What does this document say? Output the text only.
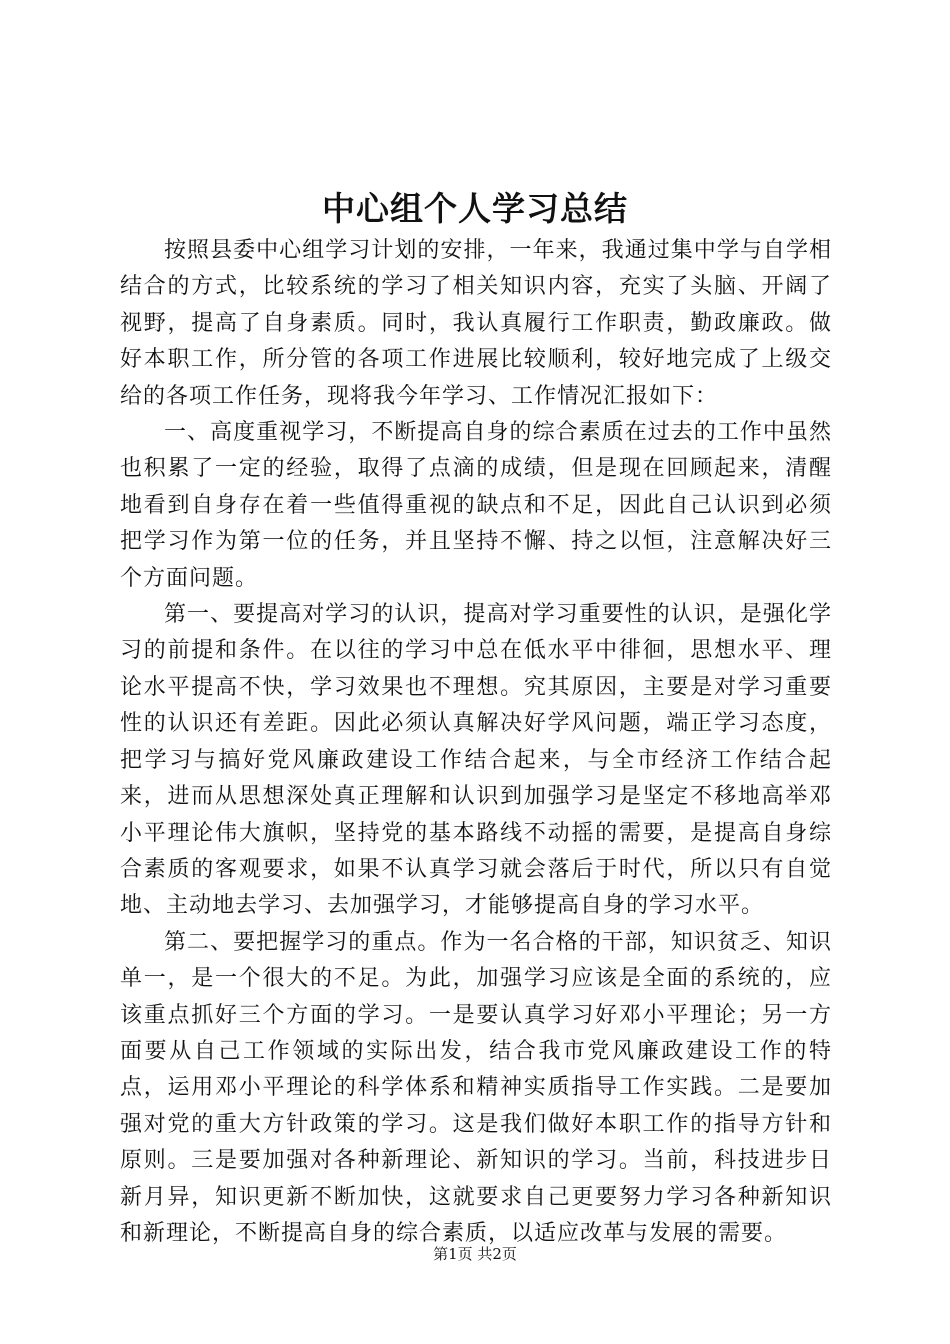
中心组个人学习总结

按照县委中心组学习计划的安排，一年来，我通过集中学与自学相结合的方式，比较系统的学习了相关知识内容，充实了头脑、开阔了视野，提高了自身素质。同时，我认真履行工作职责，勤政廉政。做好本职工作，所分管的各项工作进展比较顺利，较好地完成了上级交给的各项工作任务，现将我今年学习、工作情况汇报如下：

一、高度重视学习，不断提高自身的综合素质在过去的工作中虽然也积累了一定的经验，取得了点滴的成绩，但是现在回顾起来，清醒地看到自身存在着一些值得重视的缺点和不足，因此自己认识到必须把学习作为第一位的任务，并且坚持不懈、持之以恒，注意解决好三个方面问题。

第一、要提高对学习的认识，提高对学习重要性的认识，是强化学习的前提和条件。在以往的学习中总在低水平中徘徊，思想水平、理论水平提高不快，学习效果也不理想。究其原因，主要是对学习重要性的认识还有差距。因此必须认真解决好学风问题，端正学习态度，把学习与搞好党风廉政建设工作结合起来，与全市经济工作结合起来，进而从思想深处真正理解和认识到加强学习是坚定不移地高举邓小平理论伟大旗帜，坚持党的基本路线不动摇的需要，是提高自身综合素质的客观要求，如果不认真学习就会落后于时代，所以只有自觉地、主动地去学习、去加强学习，才能够提高自身的学习水平。

第二、要把握学习的重点。作为一名合格的干部，知识贫乏、知识单一，是一个很大的不足。为此，加强学习应该是全面的系统的，应该重点抓好三个方面的学习。一是要认真学习好邓小平理论；另一方面要从自己工作领域的实际出发，结合我市党风廉政建设工作的特点，运用邓小平理论的科学体系和精神实质指导工作实践。二是要加强对党的重大方针政策的学习。这是我们做好本职工作的指导方针和原则。三是要加强对各种新理论、新知识的学习。当前，科技进步日新月异，知识更新不断加快，这就要求自己更要努力学习各种新知识和新理论，不断提高自身的综合素质，以适应改革与发展的需要。

第1页 共2页
